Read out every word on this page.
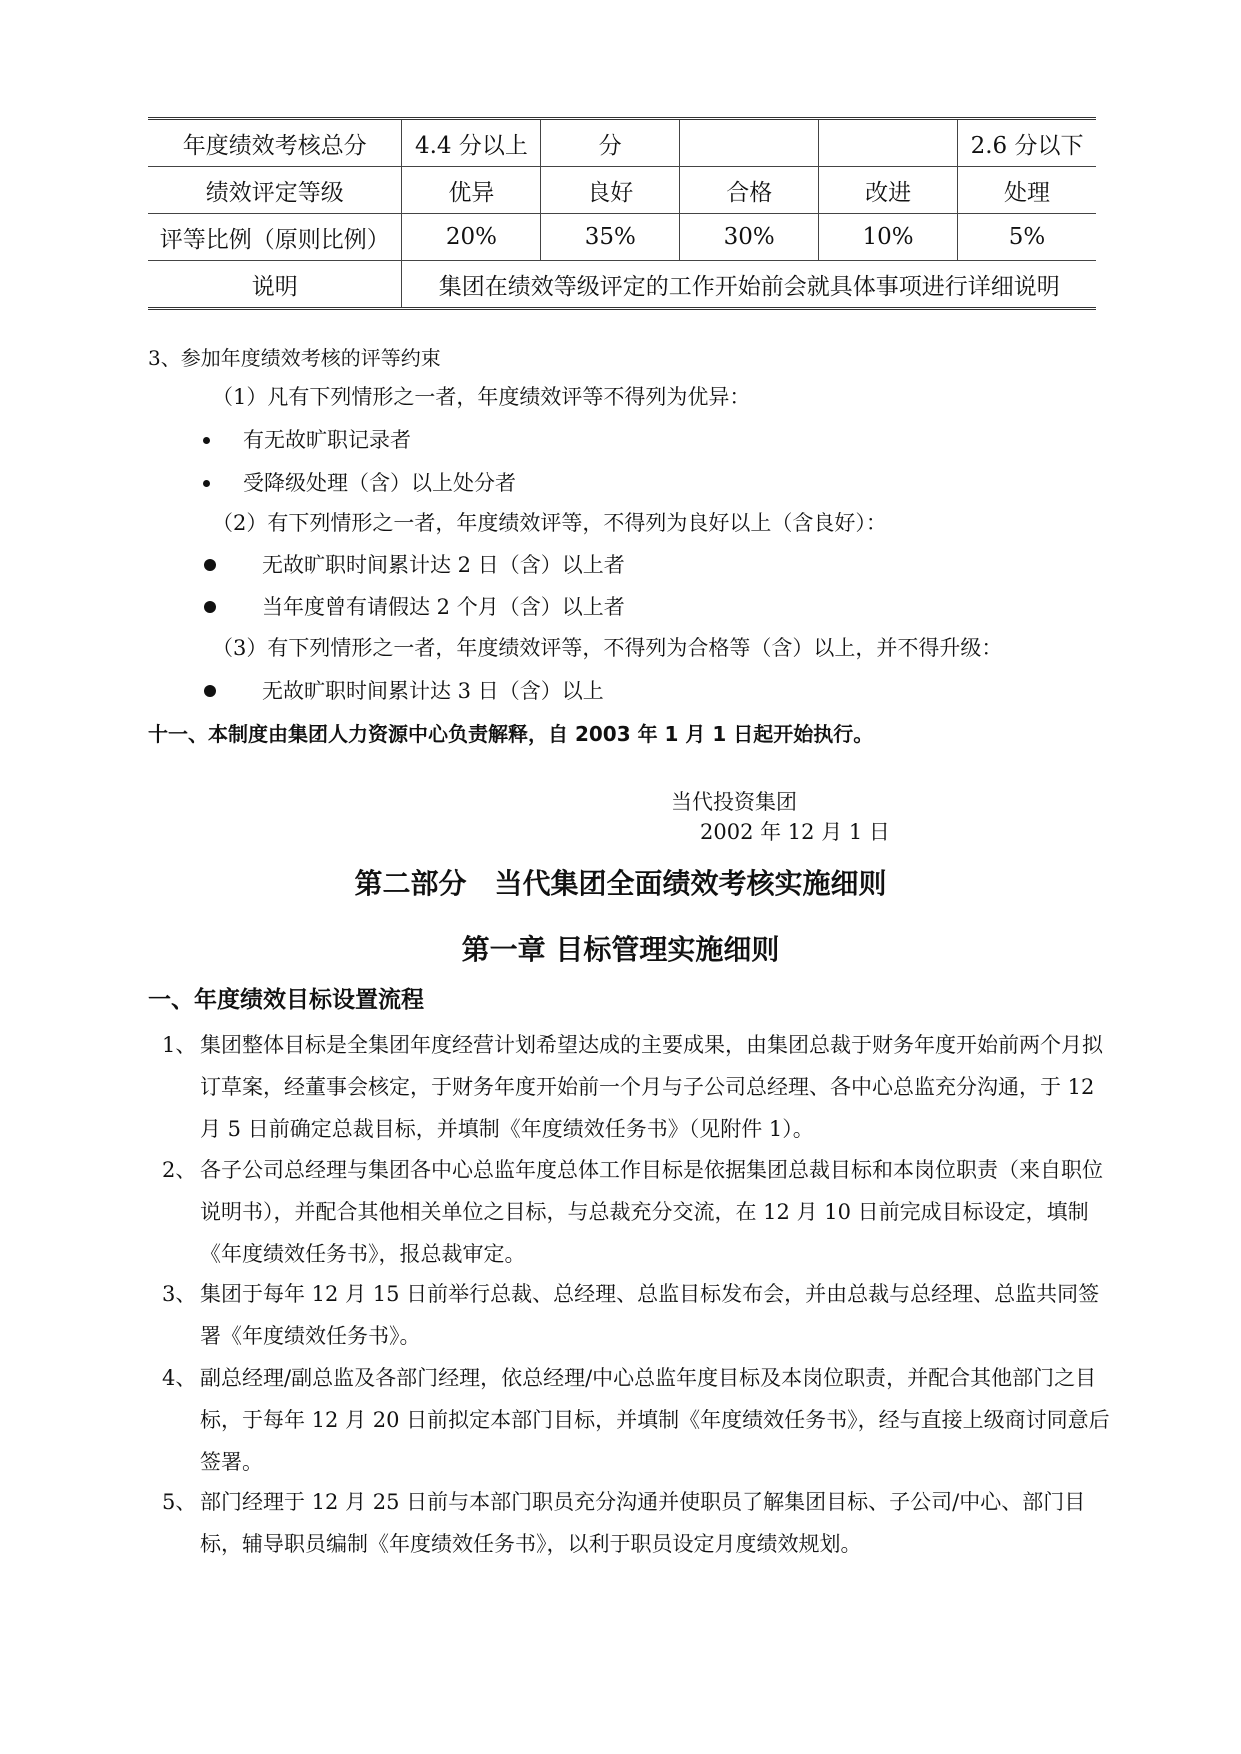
年度绩效考核总分	4.4 分以上	分			2.6 分以下
绩效评定等级	优异	良好	合格	改进	处理
评等比例（原则比例）	20%	35%	30%	10%	5%
说明	集团在绩效等级评定的工作开始前会就具体事项进行详细说明				
3、参加年度绩效考核的评等约束
（1）凡有下列情形之一者，年度绩效评等不得列为优异：
有无故旷职记录者
受降级处理（含）以上处分者
（2）有下列情形之一者，年度绩效评等，不得列为良好以上（含良好）：
无故旷职时间累计达 2 日（含）以上者
当年度曾有请假达 2 个月（含）以上者
（3）有下列情形之一者，年度绩效评等，不得列为合格等（含）以上，并不得升级：
无故旷职时间累计达 3 日（含）以上
十一、本制度由集团人力资源中心负责解释，自 2003 年 1 月 1 日起开始执行。
当代投资集团
2002 年 12 月 1 日
第二部分　当代集团全面绩效考核实施细则
第一章 目标管理实施细则
一、年度绩效目标设置流程
1、 集团整体目标是全集团年度经营计划希望达成的主要成果，由集团总裁于财务年度开始前两个月拟订草案，经董事会核定，于财务年度开始前一个月与子公司总经理、各中心总监充分沟通，于 12 月 5 日前确定总裁目标，并填制《年度绩效任务书》（见附件 1）。
2、 各子公司总经理与集团各中心总监年度总体工作目标是依据集团总裁目标和本岗位职责（来自职位说明书），并配合其他相关单位之目标，与总裁充分交流，在 12 月 10 日前完成目标设定，填制《年度绩效任务书》，报总裁审定。
3、 集团于每年 12 月 15 日前举行总裁、总经理、总监目标发布会，并由总裁与总经理、总监共同签署《年度绩效任务书》。
4、 副总经理/副总监及各部门经理，依总经理/中心总监年度目标及本岗位职责，并配合其他部门之目标，于每年 12 月 20 日前拟定本部门目标，并填制《年度绩效任务书》，经与直接上级商讨同意后签署。
5、 部门经理于 12 月 25 日前与本部门职员充分沟通并使职员了解集团目标、子公司/中心、部门目标，辅导职员编制《年度绩效任务书》，以利于职员设定月度绩效规划。
